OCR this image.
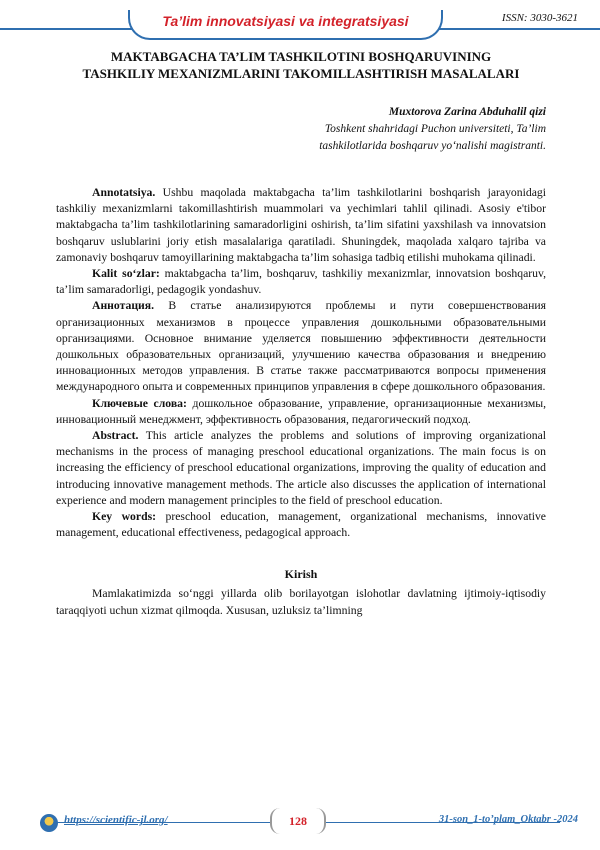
Ta’lim innovatsiyasi va integratsiyasi	ISSN: 3030-3621
MAKTABGACHA TA’LIM TASHKILOTINI BOSHQARUVINING
TASHKILIY MEXANIZMLARINI TAKOMILLASHTIRISH MASALALARI
Muxtorova Zarina Abduhalil qizi
Toshkent shahridagi Puchon universiteti, Ta’lim
tashkilotlarida boshqaruv yo‘nalishi magistranti.

Annotatsiya. Ushbu maqolada maktabgacha ta’lim tashkilotlarini boshqarish jarayonidagi tashkiliy mexanizmlarni takomillashtirish muammolari va yechimlari tahlil qilinadi. Asosiy e'tibor maktabgacha ta’lim tashkilotlarining samaradorligini oshirish, ta’lim sifatini yaxshilash va innovatsion boshqaruv uslublarini joriy etish masalalariga qaratiladi. Shuningdek, maqolada xalqaro tajriba va zamonaviy boshqaruv tamoyillarining maktabgacha ta’lim sohasiga tadbiq etilishi muhokama qilinadi.

Kalit so‘zlar: maktabgacha ta’lim, boshqaruv, tashkiliy mexanizmlar, innovatsion boshqaruv, ta’lim samaradorligi, pedagogik yondashuv.

Аннотация. В статье анализируются проблемы и пути совершенствования организационных механизмов в процессе управления дошкольными образовательными организациями. Основное внимание уделяется повышению эффективности деятельности дошкольных образовательных организаций, улучшению качества образования и внедрению инновационных методов управления. В статье также рассматриваются вопросы применения международного опыта и современных принципов управления в сфере дошкольного образования.

Ключевые слова: дошкольное образование, управление, организационные механизмы, инновационный менеджмент, эффективность образования, педагогический подход.

Abstract. This article analyzes the problems and solutions of improving organizational mechanisms in the process of managing preschool educational organizations. The main focus is on increasing the efficiency of preschool educational organizations, improving the quality of education and introducing innovative management methods. The article also discusses the application of international experience and modern management principles to the field of preschool education.

Key words: preschool education, management, organizational mechanisms, innovative management, educational effectiveness, pedagogical approach.

Kirish

Mamlakatimizda so‘nggi yillarda olib borilayotgan islohotlar davlatning ijtimoiy-iqtisodiy taraqqiyoti uchun xizmat qilmoqda. Xususan, uzluksiz ta’limning

https://scientific-jl.org/	128	31-son_1-to’plam_Oktabr -2024
